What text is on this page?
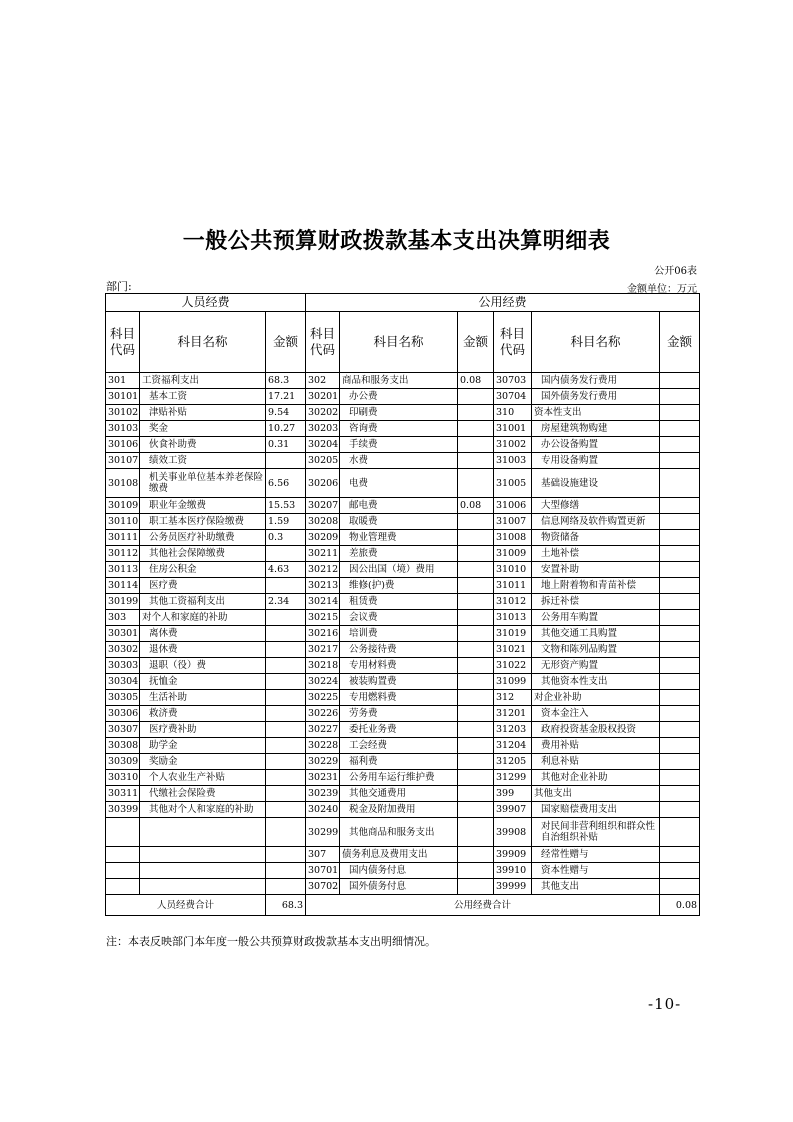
一般公共预算财政拨款基本支出决算明细表
公开06表
部门:	金额单位：万元
人员经费			公用经费					
科目代码	科目名称	金额	科目代码	科目名称	金额	科目代码	科目名称	金额
301	工资福利支出	68.3	302	商品和服务支出	0.08	30703	国内债务发行费用	
30101	基本工资	17.21	30201	办公费		30704	国外债务发行费用	
30102	津贴补贴	9.54	30202	印刷费		310	资本性支出	
30103	奖金	10.27	30203	咨询费		31001	房屋建筑物购建	
30106	伙食补助费	0.31	30204	手续费		31002	办公设备购置	
30107	绩效工资		30205	水费		31003	专用设备购置	
30108	机关事业单位基本养老保险缴费	6.56	30206	电费		31005	基础设施建设	
30109	职业年金缴费	15.53	30207	邮电费	0.08	31006	大型修缮	
30110	职工基本医疗保险缴费	1.59	30208	取暖费		31007	信息网络及软件购置更新	
30111	公务员医疗补助缴费	0.3	30209	物业管理费		31008	物资储备	
30112	其他社会保障缴费		30211	差旅费		31009	土地补偿	
30113	住房公积金	4.63	30212	因公出国（境）费用		31010	安置补助	
30114	医疗费		30213	维修(护)费		31011	地上附着物和青苗补偿	
30199	其他工资福利支出	2.34	30214	租赁费		31012	拆迁补偿	
303	对个人和家庭的补助		30215	会议费		31013	公务用车购置	
30301	离休费		30216	培训费		31019	其他交通工具购置	
30302	退休费		30217	公务接待费		31021	文物和陈列品购置	
30303	退职（役）费		30218	专用材料费		31022	无形资产购置	
30304	抚恤金		30224	被装购置费		31099	其他资本性支出	
30305	生活补助		30225	专用燃料费		312	对企业补助	
30306	救济费		30226	劳务费		31201	资本金注入	
30307	医疗费补助		30227	委托业务费		31203	政府投资基金股权投资	
30308	助学金		30228	工会经费		31204	费用补贴	
30309	奖励金		30229	福利费		31205	利息补贴	
30310	个人农业生产补贴		30231	公务用车运行维护费		31299	其他对企业补助	
30311	代缴社会保险费		30239	其他交通费用		399	其他支出	
30399	其他对个人和家庭的补助		30240	税金及附加费用		39907	国家赔偿费用支出	
			30299	其他商品和服务支出		39908	对民间非营利组织和群众性自治组织补贴	
			307	债务利息及费用支出		39909	经常性赠与	
			30701	国内债务付息		39910	资本性赠与	
			30702	国外债务付息		39999	其他支出	
人员经费合计		68.3	公用经费合计					0.08
注：本表反映部门本年度一般公共预算财政拨款基本支出明细情况。
-10-
